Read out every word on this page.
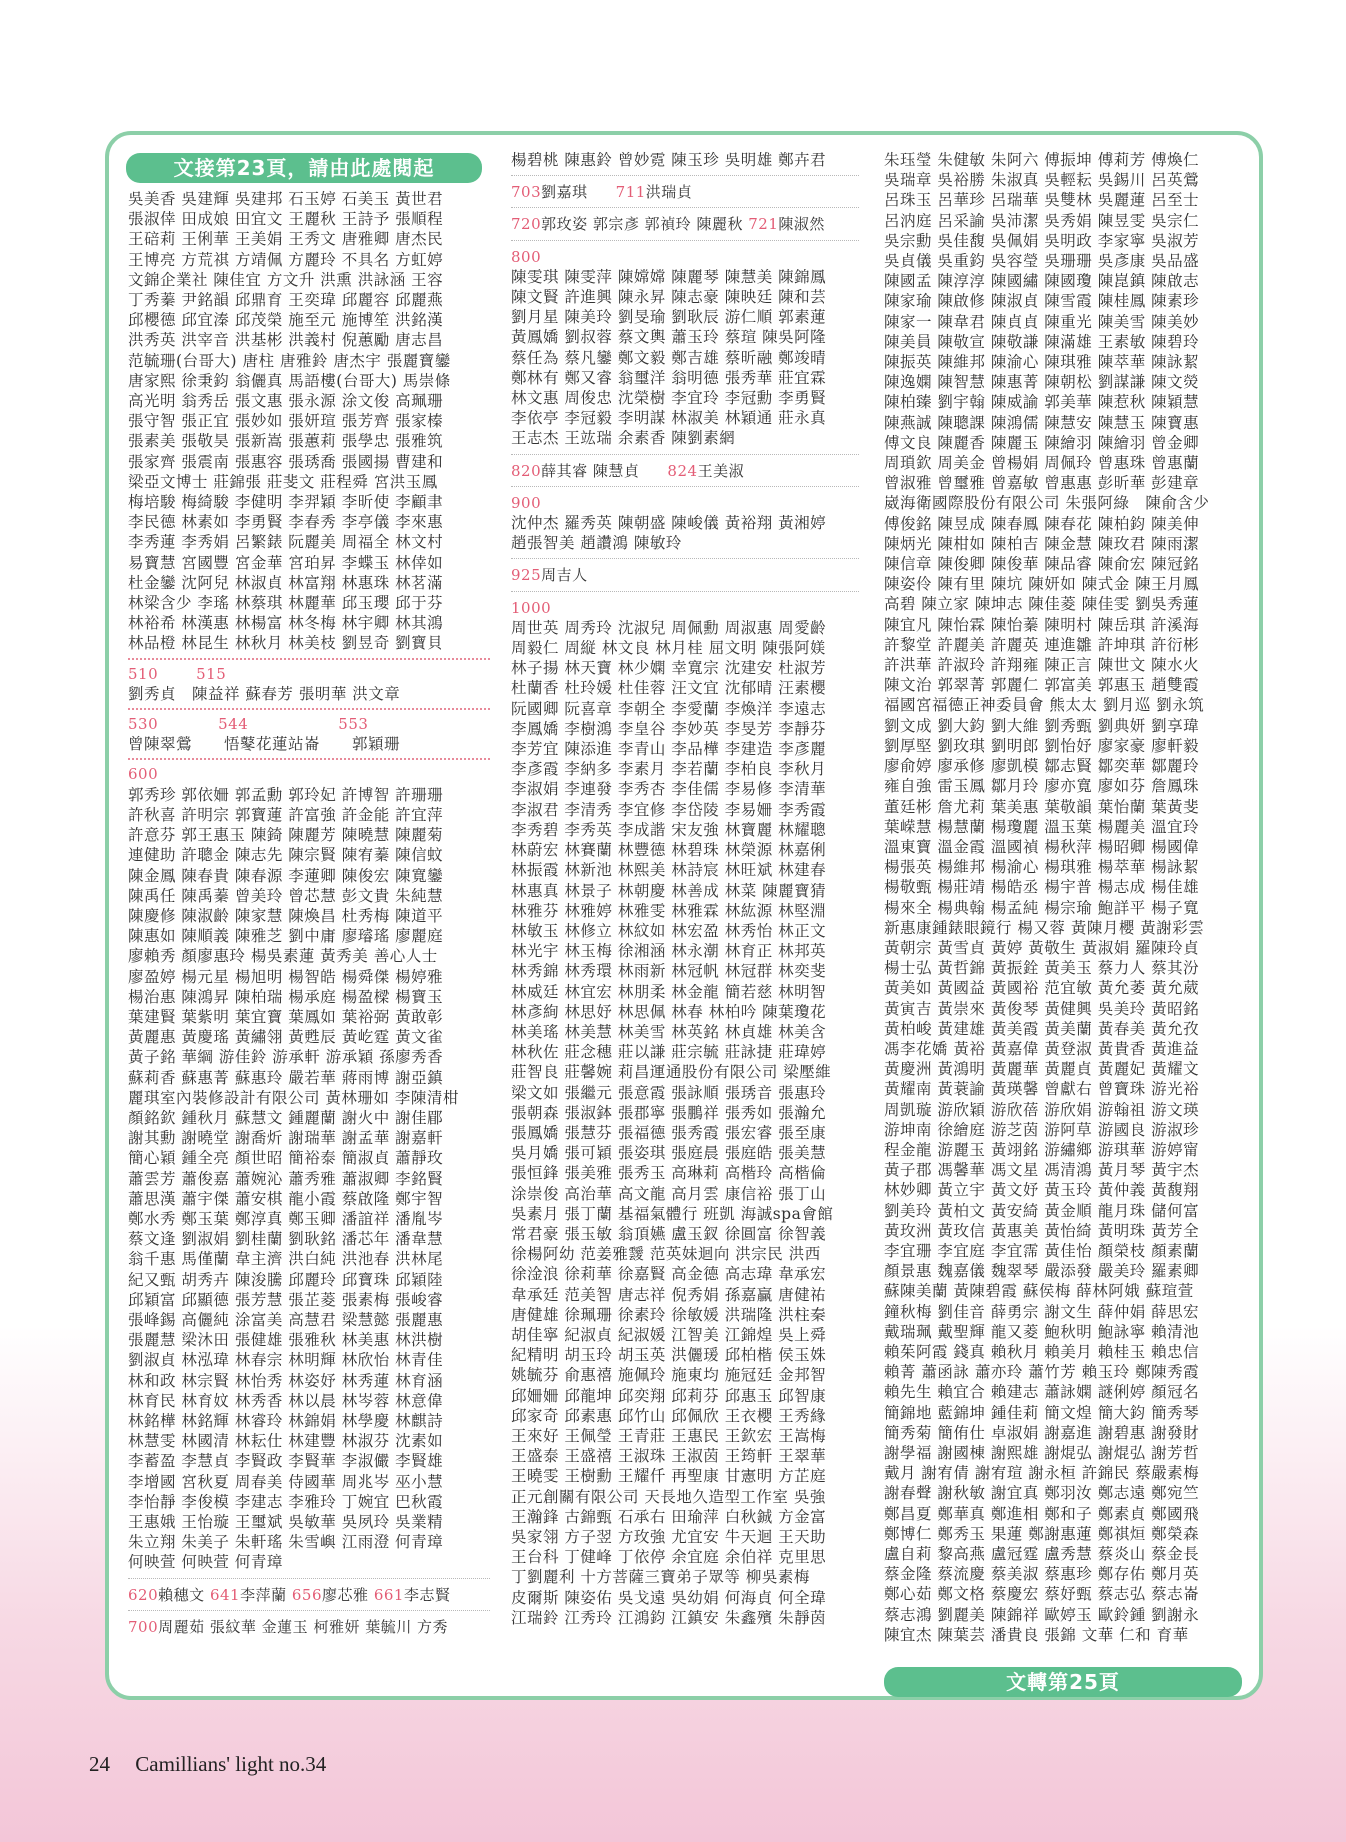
文接第23頁，請由此處閱起
吳美香 吳建輝 吳建邦 石玉婷 石美玉 黃世君
張淑倖 田成娘 田宜文 王麗秋 王詩予 張順程
王碚莉 王俐華 王美娟 王秀文 唐雅卿 唐杰民
王博亮 方荒祺 方靖佩 方麗玲 不具名 方虹婷
文錦企業社 陳佳宜 方文升 洪熏 洪詠涵 王容
丁秀蓁 尹銘韻 邱鼎育 王奕瑋 邱麗容 邱麗燕
邱櫻德 邱宜溱 邱茂榮 施至元 施博笙 洪銘漢
洪秀英 洪宰音 洪基彬 洪義村 倪蕙勵 唐志昌
范毓珊(台哥大) 唐柱 唐雅鈴 唐杰宇 張麗寶鑾
唐家熙 徐秉鈞 翁儷真 馬語樓(台哥大) 馬崇條
高光明 翁秀岳 張文惠 張永源 涂文俊 高珮珊
張守智 張正宜 張妙如 張妍瑄 張芳齊 張家榛
張素美 張敬昊 張新嵩 張蕙莉 張學忠 張雅筑
張家齊 張震南 張惠容 張琇喬 張國揚 曹建和
梁亞文博士 莊錦張 莊斐文 莊程舜 宮洪玉鳳
梅培駿 梅綺駿 李健明 李羿穎 李昕使 李顧聿
李民德 林素如 李勇賢 李春秀 李亭儀 李來惠
李秀蓮 李秀娟 呂繁錶 阮麗美 周福全 林文村
易寶慧 宮國豐 宮金華 宮珀昇 李蝶玉 林倖如
杜金鑾 沈阿兒 林淑貞 林富翔 林惠珠 林茗滿
林梁含少 李瑤 林蔡琪 林麗華 邱玉瓔 邱于芬
林裕希 林漢惠 林楊富 林冬梅 林宇卿 林其鴻
林品橙 林昆生 林秋月 林美枝 劉昱奇 劉寶貝
510	515
劉秀貞　陳益祥 蘇春芳 張明華 洪文章
530	544	553
曾陳翠鶯　　悟鼕花蓮站崙　　郭穎珊
600
郭秀珍 郭依姍 郭孟勳 郭玲妃 許博智 許珊珊
許秋喜 許明宗 郭寶蓮 許富強 許金能 許宜萍
許意芬 郭王惠玉 陳錡 陳麗芳 陳曉慧 陳麗菊
連健助 許聰金 陳志先 陳宗賢 陳宥蓁 陳信蚊
陳金鳳 陳春貴 陳春源 李蓮卿 陳俊宏 陳寬鑾
陳禹任 陳禹蓁 曾美玲 曾芯慧 彭文貴 朱純慧
陳慶修 陳淑齡 陳家慧 陳煥昌 杜秀梅 陳道平
陳惠如 陳順義 陳雅芝 劉中庸 廖璿瑤 廖麗庭
廖賴秀 顏廖惠玲 楊吳素蓮 黃秀美 善心人士
廖盈婷 楊元星 楊旭明 楊智皓 楊舜傑 楊婷雅
楊治惠 陳鴻昇 陳柏瑞 楊承庭 楊盈樑 楊寶玉
葉建賢 葉紫明 葉宜寶 葉鳳如 葉裕弼 黃敢彰
黃麗惠 黃慶瑤 黃繡翎 黃甦辰 黃屹霆 黃文雀
黃子銘 華綱 游佳鈴 游承軒 游承穎 孫廖秀香
蘇莉香 蘇惠菁 蘇惠玲 嚴若華 蔣雨博 謝亞鎮
麗琪室內裝修設計有限公司 黃林珊如 李陳清柑
顏銘欽 鍾秋月 蘇慧文 鍾麗蘭 謝火中 謝佳郿
謝其勳 謝曉堂 謝喬炘 謝瑞華 謝孟華 謝嘉軒
簡心穎 鍾全亮 顏世昭 簡裕泰 簡淑貞 蕭靜玫
蕭雲芳 蕭俊嘉 蕭婉沁 蕭秀雅 蕭淑卿 李銘賢
蕭思漢 蕭宇傑 蕭安棋 龍小霞 蔡啟隆 鄭宇智
鄭水秀 鄭玉葉 鄭淳真 鄭玉卿 潘誼祥 潘胤岑
蔡文逢 劉淑娟 劉桂蘭 劉耿銘 潘芯年 潘韋慧
翁千惠 馬僅蘭 韋主濟 洪白純 洪池春 洪林尾
紀又甄 胡秀卉 陳浚騰 邱麗玲 邱寶珠 邱穎陸
邱穎富 邱顯德 張芳慧 張芷菱 張素梅 張峻睿
張峰錫 高儷純 涂富美 高慧君 梁慧懿 張麗惠
張麗慧 梁沐田 張健雄 張雅秋 林美惠 林洪樹
劉淑貞 林泓瑋 林春宗 林明輝 林欣怡 林青佳
林和政 林宗賢 林怡秀 林姿妤 林秀蓮 林育涵
林育民 林育妏 林秀香 林以晨 林岑蓉 林意偉
林銘樺 林銘輝 林睿玲 林錦娟 林學慶 林麒詩
林慧雯 林國清 林耘仕 林建豐 林淑芬 沈素如
李蓄盈 李慧貞 李賢政 李賢華 李淑儼 李賢雄
李增國 宮秋夏 周春美 侍國華 周兆岑 巫小慧
李怡靜 李俊模 李建志 李雅玲 丁婉宜 巴秋霞
王惠娥 王怡璇 王璽斌 吳敏華 吳夙玲 吳業精
朱立翔 朱美子 朱軒瑤 朱雪嶼 江雨澄 何青璋
何映萱 何映萱 何青璋
620賴穗文 641李萍蘭 656廖芯雅 661李志賢
700周麗茹 張紋華 金蓮玉 柯雅妍 葉毓川 方秀
楊碧桃 陳惠鈴 曾妙霓 陳玉珍 吳明雄 鄭卉君
703劉嘉琪 711洪瑞貞
720郭玫姿 郭宗彥 郭禎玲 陳麗秋 721陳淑然
800
陳雯琪 陳雯萍 陳嫦嫦 陳麗琴 陳慧美 陳錦鳳
陳文賢 許進興 陳永昇 陳志豪 陳映廷 陳和芸
劉月星 陳美玲 劉旻瑜 劉耿辰 游仁順 郭素蓮
黃鳳嬌 劉叔蓉 蔡文輿 蕭玉玲 蔡瑄 陳吳阿隆
蔡任為 蔡凡鑾 鄭文毅 鄭吉雄 蔡昕融 鄭竣晴
鄭林有 鄭又睿 翁璽洋 翁明德 張秀華 莊宜霖
林文惠 周俊忠 沈榮樹 李宜玲 李冠勳 李勇賢
李依亭 李冠毅 李明謀 林淑美 林穎通 莊永真
王志杰 王竑瑞 余素香 陳劉素網
820薛其睿 陳慧貞 824王美淑
900
沈仲杰 羅秀英 陳朝盛 陳峻儀 黃裕翔 黃湘婷
趙張智美 趙讚鴻 陳敏玲
925周吉人
1000
周世英 周秀玲 沈淑兒 周佩勳 周淑惠 周愛齡
周毅仁 周縦 林文良 林月桂 屈文明 陳張阿媄
林子揚 林天寶 林少嫻 幸寬宗 沈建安 杜淑芳
杜蘭香 杜玲媛 杜佳蓉 汪文宜 沈郁晴 汪素櫻
阮國卿 阮喜章 李朝全 李愛蘭 李煥洋 李遠志
李鳳嬌 李樹鴻 李皇谷 李妙英 李旻芳 李靜芬
李芳宜 陳添進 李青山 李品樺 李建造 李彥麗
李彥霞 李納多 李素月 李若蘭 李柏良 李秋月
李淑娟 李連發 李秀杏 李佳儒 李易修 李清華
李淑君 李清秀 李宜修 李岱陵 李易姍 李秀霞
李秀碧 李秀英 李成諧 宋友強 林寶麗 林耀聰
林蔚宏 林賽蘭 林豐德 林碧珠 林榮源 林嘉俐
林振霞 林新池 林熙美 林詩宸 林旺斌 林建春
林惠真 林景子 林朝慶 林善成 林菜 陳麗寶猜
林雅芬 林雅婷 林雅雯 林雅霖 林紘源 林堅淵
林敏玉 林修立 林紋如 林宏盈 林秀怡 林正文
林光宇 林玉梅 徐湘涵 林永潮 林育正 林邦英
林秀錦 林秀環 林雨新 林冠帆 林冠群 林奕斐
林威廷 林宜宏 林朋柔 林金龍 簡若慈 林明智
林彥絢 林思妤 林思佩 林春 林柏吟 陳葉瓊花
林美瑤 林美慧 林美雪 林英銘 林貞雄 林美含
林秋佐 莊念穗 莊以謙 莊宗毓 莊詠捷 莊瑋婷
莊智良 莊馨婉 莉昌運通股份有限公司 梁壓維
梁文如 張繼元 張意霞 張詠順 張琇音 張惠玲
張朝森 張淑鉢 張郡寧 張鵬祥 張秀如 張瀚允
張鳳嬌 張慧芬 張福德 張秀霞 張宏睿 張至康
吳月嬌 張可穎 張姿琪 張庭晨 張庭皓 張美慧
張恒鋒 張美雅 張秀玉 高琳莉 高楷玲 高楷倫
涂崇俊 高治華 高文龍 高月雲 康信裕 張丁山
吳素月 張丁蘭 基福氣體行 班凱 海誠spa會館
常君豪 張玉敏 翁頂嬿 盧玉釵 徐圓富 徐智義
徐楊阿幼 范姜雅靉 范英妹迴向 洪宗民 洪西
徐淦浪 徐莉華 徐嘉賢 高金德 高志瑋 韋承宏
韋承廷 范美智 唐志祥 倪秀娟 孫嘉贏 唐健祐
唐健雄 徐珮珊 徐素玲 徐敏媛 洪瑞隆 洪柱秦
胡佳寧 紀淑貞 紀淑媛 江智美 江錦煌 吳上舜
紀精明 胡玉玲 胡玉英 洪儷瑗 邱柏楷 侯玉姝
姚毓芬 俞惠禧 施佩玲 施東均 施冠廷 金邦智
邱姍姍 邱龍坤 邱奕翔 邱莉芬 邱惠玉 邱智康
邱家奇 邱素惠 邱竹山 邱佩欣 王衣櫻 王秀緣
王來好 王佩瑩 王青莊 王惠民 王欽宏 王嵩梅
王盛泰 王盛禧 王淑珠 王淑茵 王筠軒 王翠華
王曉雯 王樹勳 王耀仟 再聖康 甘憲明 方芷庭
正元創關有限公司 天長地久造型工作室 吳強
王瀚鋒 古錦甄 石承右 田瑜萍 白秋鋮 方金富
吳家翎 方子翌 方玫強 尤宜安 牛天迴 王天助
王台科 丁健峰 丁依停 余宜庭 余伯祥 克里思
丁劉麗利 十方菩薩三寶弟子眾等 柳吳素梅
皮爾斯 陳姿佑 吳戈遠 吳幼娟 何海貞 何全瑋
江瑞鈴 江秀玲 江鴻鈞 江鎮安 朱鑫殯 朱靜茵
朱珏瑩 朱健敏 朱阿六 傅振坤 傅莉芳 傅煥仁
吳瑞章 吳裕勝 朱淑真 吳輕耘 吳錫川 呂英鶯
呂珠玉 呂華珍 呂瑞華 吳雙林 吳麗蓮 呂至士
呂汭庭 呂采諭 吳沛潔 吳秀娟 陳昱雯 吳宗仁
吳宗勳 吳佳馥 吳佩娟 吳明政 李家寧 吳淑芳
吳貞儀 吳重鈞 吳容瑩 吳珊珊 吳彥康 吳品盛
陳國孟 陳淳淳 陳國繡 陳國瓊 陳崑鎮 陳啟志
陳家瑜 陳啟修 陳淑貞 陳雪霞 陳桂鳳 陳素珍
陳家一 陳韋君 陳貞貞 陳重光 陳美雪 陳美妙
陳美員 陳敬宣 陳敬謙 陳滿雄 王素敏 陳碧玲
陳振英 陳維邦 陳渝心 陳琪雅 陳萃華 陳詠絜
陳逸嫻 陳智慧 陳惠菁 陳朝松 劉謀謙 陳文熒
陳柏臻 劉宇翰 陳威諭 郭美華 陳惹秋 陳穎慧
陳燕誠 陳聰課 陳鴻儒 陳慧安 陳慧玉 陳寶惠
傅文良 陳麗香 陳麗玉 陳繪羽 陳繪羽 曾金卿
周瑣欽 周美金 曾楊娟 周佩玲 曾惠珠 曾惠蘭
曾淑雅 曾璽雅 曾嘉敏 曾惠惠 彭昕華 彭建章
崴海衛國際股份有限公司 朱張阿綠　陳俞含少
傅俊銘 陳昱成 陳春鳳 陳春花 陳柏鈞 陳美伸
陳炳光 陳柑如 陳柏吉 陳金慧 陳玫君 陳雨潔
陳信章 陳俊卿 陳俊華 陳品睿 陳俞宏 陳冠銘
陳姿伶 陳有里 陳坑 陳妍如 陳式金 陳王月鳳
高碧 陳立家 陳坤志 陳佳菱 陳佳雯 劉吳秀蓮
陳宜凡 陳怡霖 陳怡蓁 陳明村 陳岳琪 許溪海
許黎堂 許麗美 許麗英 連進雛 許坤琪 許衍彬
許洪華 許淑玲 許翔雍 陳正言 陳世文 陳水火
陳文治 郭翠菁 郭麗仁 郭富美 郭惠玉 趙雙霞
福國宮福德正神委員會 熊太太 劉月巡 劉永筑
劉文成 劉大鈞 劉大維 劉秀甄 劉典妍 劉享瑋
劉厚堅 劉玫琪 劉明郎 劉怡妤 廖家豪 廖軒毅
廖俞婷 廖承修 廖凱模 鄒志賢 鄒奕華 鄒麗玲
雍自強 雷玉鳳 鄒月玲 廖亦寬 廖如芬 詹鳳珠
董廷彬 詹尤莉 葉美惠 葉敬韻 葉怡蘭 葉黃斐
葉嵘慧 楊慧蘭 楊瓊麗 溫玉葉 楊麗美 溫宜玲
溫東寶 溫金霞 溫國禎 楊秋萍 楊昭卿 楊國偉
楊張英 楊維邦 楊渝心 楊琪雅 楊萃華 楊詠絜
楊敬甄 楊莊靖 楊皓丞 楊宇普 楊志成 楊佳雄
楊來全 楊典翰 楊孟純 楊宗瑜 鮑詳平 楊子寬
新惠康鍾錶眼鏡行 楊又蓉 黃陳月櫻 黃謝彩雲
黃朝宗 黃雪貞 黃婷 黃敬生 黃淑娟 羅陳玲貞
楊士弘 黃哲錦 黃振銓 黃美玉 蔡力人 蔡其汾
黃美如 黃國益 黃國裕 范宜敏 黃允萎 黃允葳
黃寅吉 黃崇來 黃俊琴 黃健興 吳美玲 黃昭銘
黃柏峻 黃建雄 黃美霞 黃美蘭 黃春美 黃允孜
馮李花嬌 黃裕 黃嘉偉 黃登淑 黃貴香 黃進益
黃慶洲 黃鴻明 黃麗華 黃麗貞 黃麗妃 黃耀文
黃耀南 黃蓑諭 黃瑛馨 曾獻右 曾寶珠 游光裕
周凱璇 游欣穎 游欣蓓 游欣娟 游翰祖 游文瑛
游坤南 徐繪庭 游芝茵 游阿草 游國良 游淑珍
程金龍 游麗玉 黃翊銘 游繡鄉 游琪華 游婷甯
黃子郡 馮馨華 馮文星 馮清鴻 黃月琴 黃宇杰
林妙卿 黃立宇 黃文妤 黃玉玲 黃仲義 黃馥翔
劉美玲 黃柏文 黃安綺 黃金順 龍月珠 儲何富
黃玫洲 黃玫信 黃惠美 黃怡綺 黃明珠 黃芳全
李宜珊 李宜庭 李宜霈 黃佳怡 顏榮枝 顏素蘭
顏景惠 魏嘉儀 魏翠琴 嚴添發 嚴美玲 羅素卿
蘇陳美蘭 黃陳碧霞 蘇侯梅 薛林阿娥 蘇瑄萱
鐘秋梅 劉佳音 薛勇宗 謝文生 薛仲娟 薛思宏
戴瑞珮 戴聖輝 龍又菱 鮑秋明 鮑詠寧 賴清池
賴茱阿霞 錢真 賴秋月 賴美月 賴桂玉 賴忠信
賴菁 蕭函詠 蕭亦玲 蕭竹芳 賴玉玲 鄭陳秀霞
賴先生 賴宜合 賴建志 蕭詠嫻 謎俐婷 顏冠名
簡錦地 藍錦坤 鍾佳莉 簡文煌 簡大鈞 簡秀琴
簡秀菊 簡侑仕 卓淑娟 謝嘉進 謝碧惠 謝發財
謝學福 謝國棟 謝熙雄 謝焜弘 謝焜弘 謝芳哲
戴月 謝宥倩 謝宥瑄 謝永桓 許錦民 蔡嚴素梅
謝春聲 謝秋敏 謝宜真 鄭羽汝 鄭志遠 鄭宛竺
鄭昌夏 鄭華真 鄭進相 鄭和子 鄭素貞 鄭國飛
鄭博仁 鄭秀玉 果蓮 鄭謝惠蓮 鄭祺烜 鄭榮森
盧自莉 黎高燕 盧冠霆 盧秀慧 蔡炎山 蔡金長
蔡金隆 蔡流慶 蔡美淑 蔡惠珍 鄭存佑 鄭月英
鄭心茹 鄭文格 蔡慶宏 蔡妤甄 蔡志弘 蔡志崙
蔡志鴻 劉麗美 陳錦祥 歐婷玉 歐鈴鍾 劉謝永
陳宜杰 陳葉芸 潘貴良 張錦 文華 仁和 育華
文轉第25頁
24 Camillians' light no.34
